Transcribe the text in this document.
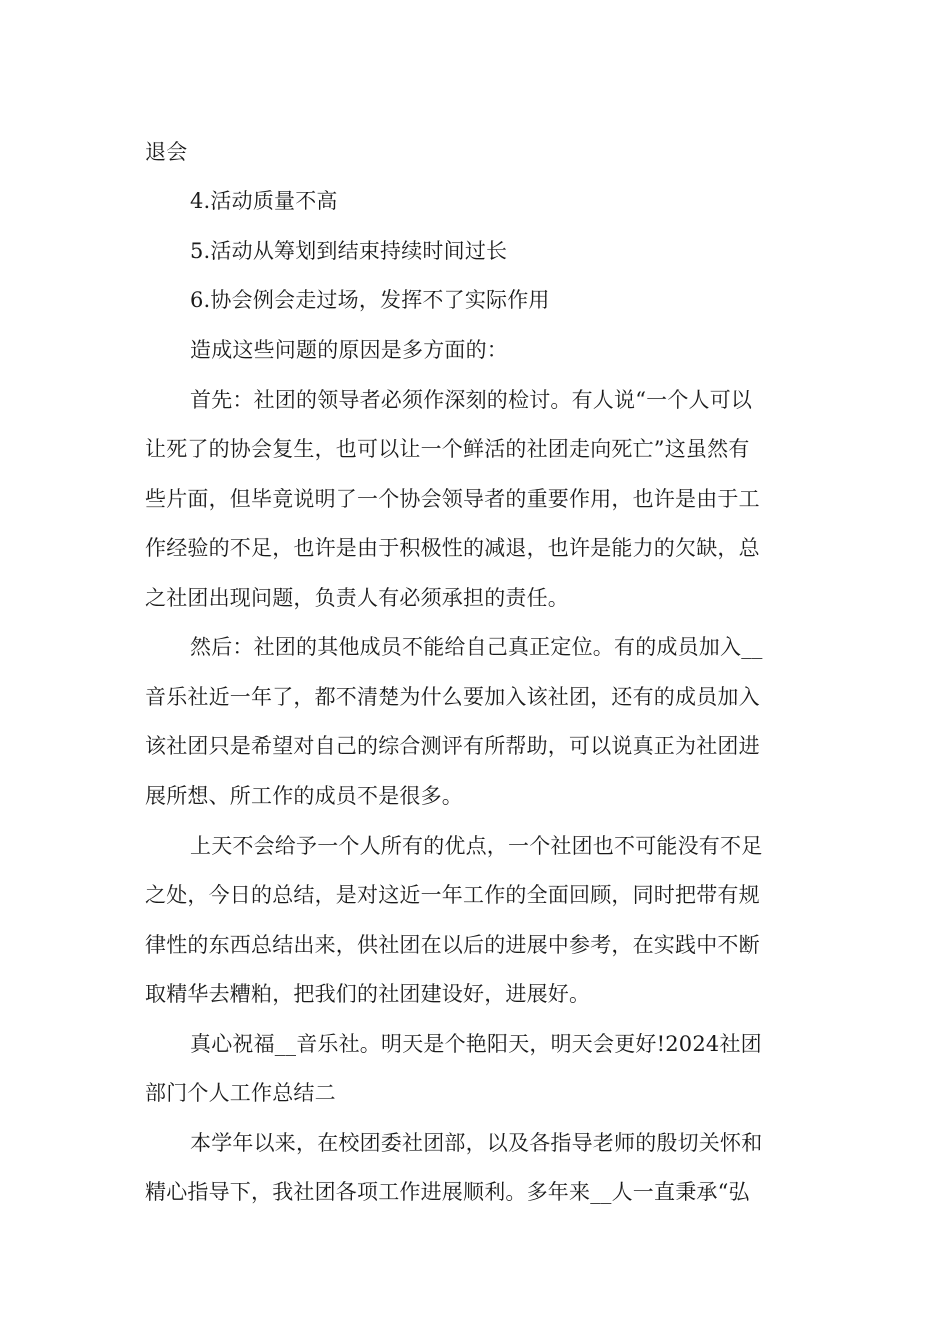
退会
4.活动质量不高
5.活动从筹划到结束持续时间过长
6.协会例会走过场，发挥不了实际作用
造成这些问题的原因是多方面的：
首先：社团的领导者必须作深刻的检讨。有人说“一个人可以
让死了的协会复生，也可以让一个鲜活的社团走向死亡”这虽然有
些片面，但毕竟说明了一个协会领导者的重要作用，也许是由于工
作经验的不足，也许是由于积极性的减退，也许是能力的欠缺，总
之社团出现问题，负责人有必须承担的责任。
然后：社团的其他成员不能给自己真正定位。有的成员加入__
音乐社近一年了，都不清楚为什么要加入该社团，还有的成员加入
该社团只是希望对自己的综合测评有所帮助，可以说真正为社团进
展所想、所工作的成员不是很多。
上天不会给予一个人所有的优点，一个社团也不可能没有不足
之处，今日的总结，是对这近一年工作的全面回顾，同时把带有规
律性的东西总结出来，供社团在以后的进展中参考，在实践中不断
取精华去糟粕，把我们的社团建设好，进展好。
真心祝福__音乐社。明天是个艳阳天，明天会更好!2024社团
部门个人工作总结二
本学年以来，在校团委社团部，以及各指导老师的殷切关怀和
精心指导下，我社团各项工作进展顺利。多年来__人一直秉承“弘
